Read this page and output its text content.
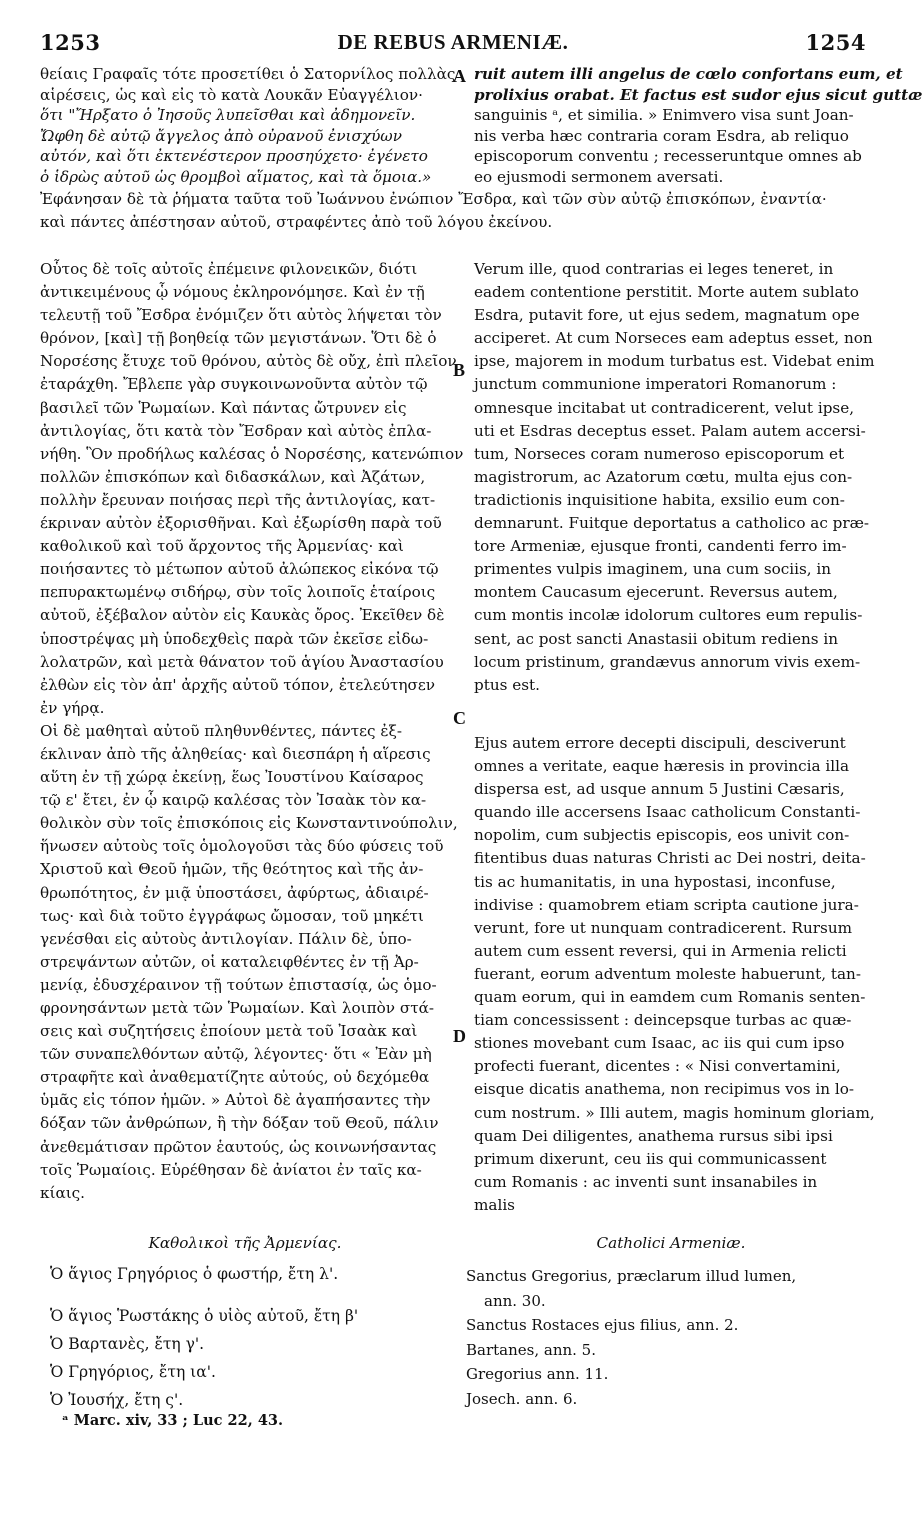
1253	DE REBUS ARMENIÆ.	1254
θείαις Γραφαῖς τότε προσετίθει ὁ Σατορνίλος πολλὰς
αἱρέσεις, ὡς καὶ εἰς τὸ κατὰ Λουκᾶν Εὐαγγέλιον·
ὅτι "Ἤρξατο ὁ Ἰησοῦς λυπεῖσθαι καὶ ἀδημονεῖν.
Ὤφθη δὲ αὐτῷ ἄγγελος ἀπὸ οὐρανοῦ ἐνισχύων
αὐτόν, καὶ ὅτι ἐκτενέστερον προσηύχετο· ἐγένετο
ὁ ἱδρὼς αὐτοῦ ὡς θρομβοὶ αἵματος, καὶ τὰ ὅμοια.»
A ruit autem illi angelus de cœlo confortans eum, et
prolixius orabat. Et factus est sudor ejus sicut guttæ
sanguinis ᵃ, et similia. » Enimvero visa sunt Joan-
nis verba hæc contraria coram Esdra, ab reliquo
episcoporum conventu ; recesseruntque omnes ab
eo ejusmodi sermonem aversati.
Ἐφάνησαν δὲ τὰ ῥήματα ταῦτα τοῦ Ἰωάννου ἐνώπιον Ἔσδρα, καὶ τῶν σὺν αὐτῷ ἐπισκόπων, ἐναντία·
καὶ πάντες ἀπέστησαν αὐτοῦ, στραφέντες ἀπὸ τοῦ λόγου ἐκείνου.
Οὗτος δὲ τοῖς αὐτοῖς ἐπέμεινε φιλονεικῶν, διότι
ἀντικειμένους ᾧ νόμους ἐκληρονόμησε. Καὶ ἐν τῇ
τελευτῇ τοῦ Ἔσδρα ἐνόμιζεν ὅτι αὐτὸς λήψεται τὸν
θρόνον, [καὶ] τῇ βοηθείᾳ τῶν μεγιστάνων. Ὅτι δὲ ὁ
Νορσέσης ἔτυχε τοῦ θρόνου, αὐτὸς δὲ οὔχ, ἐπὶ πλεῖον
ἐταράχθη. Ἔβλεπε γὰρ συγκοινωνοῦντα αὐτὸν τῷ
βασιλεῖ τῶν Ῥωμαίων. Καὶ πάντας ὤτρυνεν εἰς
ἀντιλογίας, ὅτι κατὰ τὸν Ἔσδραν καὶ αὐτὸς ἐπλα-
νήθη. Ὃν προδήλως καλέσας ὁ Νορσέσης, κατενώπιον
πολλῶν ἐπισκόπων καὶ διδασκάλων, καὶ Ἀζάτων,
πολλὴν ἔρευναν ποιήσας περὶ τῆς ἀντιλογίας, κατ-
έκριναν αὐτὸν ἐξορισθῆναι. Καὶ ἐξωρίσθη παρὰ τοῦ
καθολικοῦ καὶ τοῦ ἄρχοντος τῆς Ἀρμενίας· καὶ
ποιήσαντες τὸ μέτωπον αὐτοῦ ἀλώπεκος εἰκόνα τῷ
πεπυρακτωμένῳ σιδήρῳ, σὺν τοῖς λοιποῖς ἑταίροις
αὐτοῦ, ἐξέβαλον αὐτὸν εἰς Καυκὰς ὄρος. Ἐκεῖθεν δὲ
ὑποστρέψας μὴ ὑποδεχθεὶς παρὰ τῶν ἐκεῖσε εἰδω-
λολατρῶν, καὶ μετὰ θάνατον τοῦ ἁγίου Ἀναστασίου
ἐλθὼν εἰς τὸν ἀπ' ἀρχῆς αὐτοῦ τόπον, ἐτελεύτησεν
ἐν γήρᾳ.
Οἱ δὲ μαθηταὶ αὐτοῦ πληθυνθέντες, πάντες ἐξ-
έκλιναν ἀπὸ τῆς ἀληθείας· καὶ διεσπάρη ἡ αἵρεσις
αὕτη ἐν τῇ χώρᾳ ἐκείνῃ, ἕως Ἰουστίνου Καίσαρος
τῷ ε' ἔτει, ἐν ᾧ καιρῷ καλέσας τὸν Ἰσαὰκ τὸν κα-
θολικὸν σὺν τοῖς ἐπισκόποις εἰς Κωνσταντινούπολιν,
ἥνωσεν αὐτοὺς τοῖς ὁμολογοῦσι τὰς δύο φύσεις τοῦ
Χριστοῦ καὶ Θεοῦ ἡμῶν, τῆς θεότητος καὶ τῆς ἀν-
θρωπότητος, ἐν μιᾷ ὑποστάσει, ἀφύρτως, ἀδιαιρέ-
τως· καὶ διὰ τοῦτο ἐγγράφως ὤμοσαν, τοῦ μηκέτι
γενέσθαι εἰς αὐτοὺς ἀντιλογίαν. Πάλιν δὲ, ὑπο-
στρεψάντων αὐτῶν, οἱ καταλειφθέντες ἐν τῇ Ἀρ-
μενίᾳ, ἐδυσχέραινον τῇ τούτων ἐπιστασίᾳ, ὡς ὁμο-
φρονησάντων μετὰ τῶν Ῥωμαίων. Καὶ λοιπὸν στά-
σεις καὶ συζητήσεις ἐποίουν μετὰ τοῦ Ἰσαὰκ καὶ
τῶν συναπελθόντων αὐτῷ, λέγοντες· ὅτι « Ἐὰν μὴ
στραφῆτε καὶ ἀναθεματίζητε αὐτούς, οὐ δεχόμεθα
ὑμᾶς εἰς τόπον ἡμῶν. » Αὐτοὶ δὲ ἀγαπήσαντες τὴν
δόξαν τῶν ἀνθρώπων, ἢ τὴν δόξαν τοῦ Θεοῦ, πάλιν
ἀνεθεμάτισαν πρῶτον ἑαυτούς, ὡς κοινωνήσαντας
τοῖς Ῥωμαίοις. Εὑρέθησαν δὲ ἀνίατοι ἐν ταῖς κα-
κίαις.
B
C
D
Verum ille, quod contrarias ei leges teneret, in
eadem contentione perstitit. Morte autem sublato
Esdra, putavit fore, ut ejus sedem, magnatum ope
acciperet. At cum Norseces eam adeptus esset, non
ipse, majorem in modum turbatus est. Videbat enim
junctum communione imperatori Romanorum :
omnesque incitabat ut contradicerent, velut ipse,
uti et Esdras deceptus esset. Palam autem accersi-
tum, Norseces coram numeroso episcoporum et
magistrorum, ac Azatorum cœtu, multa ejus con-
tradictionis inquisitione habita, exsilio eum con-
demnarunt. Fuitque deportatus a catholico ac præ-
tore Armeniæ, ejusque fronti, candenti ferro im-
primentes vulpis imaginem, una cum sociis, in
montem Caucasum ejecerunt. Reversus autem,
cum montis incolæ idolorum cultores eum repulis-
sent, ac post sancti Anastasii obitum rediens in
locum pristinum, grandævus annorum vivis exem-
ptus est.
Ejus autem errore decepti discipuli, desciverunt
omnes a veritate, eaque hæresis in provincia illa
dispersa est, ad usque annum 5 Justini Cæsaris,
quando ille accersens Isaac catholicum Constanti-
nopolim, cum subjectis episcopis, eos univit con-
fitentibus duas naturas Christi ac Dei nostri, deita-
tis ac humanitatis, in una hypostasi, inconfuse,
indivise : quamobrem etiam scripta cautione jura-
verunt, fore ut nunquam contradicerent. Rursum
autem cum essent reversi, qui in Armenia relicti
fuerant, eorum adventum moleste habuerunt, tan-
quam eorum, qui in eamdem cum Romanis senten-
tiam concessissent : deincepsque turbas ac quæ-
stiones movebant cum Isaac, ac iis qui cum ipso
profecti fuerant, dicentes : « Nisi convertamini,
eisque dicatis anathema, non recipimus vos in lo-
cum nostrum. » Illi autem, magis hominum gloriam,
quam Dei diligentes, anathema rursus sibi ipsi
primum dixerunt, ceu iis qui communicassent
cum Romanis : ac inventi sunt insanabiles in
malis
Καθολικοὶ τῆς Ἀρμενίας.	Catholici Armeniæ.
Ὁ ἅγιος Γρηγόριος ὁ φωστήρ, ἔτη λ'.
Ὁ ἅγιος Ῥωστάκης ὁ υἱὸς αὐτοῦ, ἔτη β'
Ὁ Βαρτανὲς, ἔτη γ'.
Ὁ Γρηγόριος, ἔτη ια'.
Ὁ Ἰουσήχ, ἔτη ς'.
Sanctus Gregorius, præclarum illud lumen,
ann. 30.
Sanctus Rostaces ejus filius, ann. 2.
Bartanes, ann. 5.
Gregorius ann. 11.
Josech. ann. 6.
ᵃ Marc. xiv, 33 ; Luc 22, 43.
